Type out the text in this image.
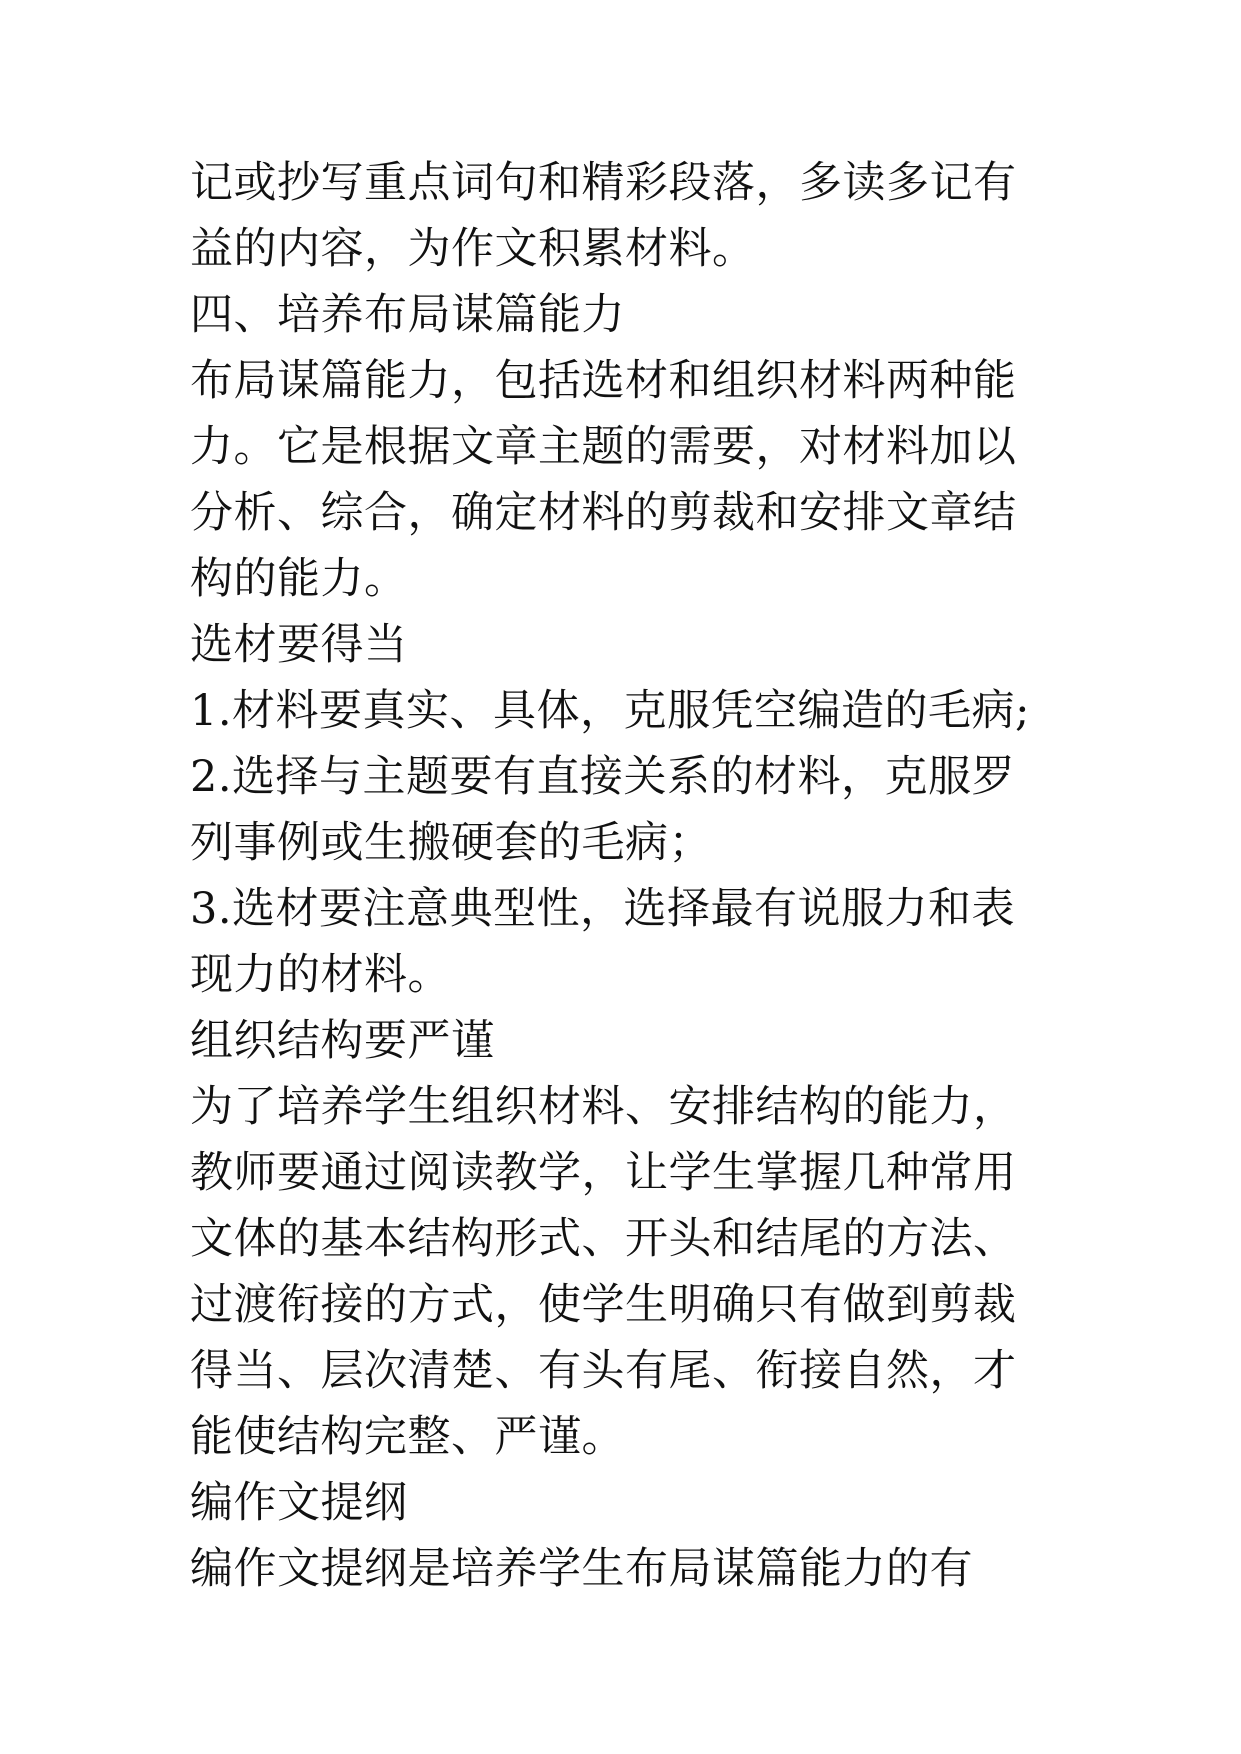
记或抄写重点词句和精彩段落，多读多记有
益的内容，为作文积累材料。
四、培养布局谋篇能力
布局谋篇能力，包括选材和组织材料两种能
力。它是根据文章主题的需要，对材料加以
分析、综合，确定材料的剪裁和安排文章结
构的能力。
选材要得当
1.材料要真实、具体，克服凭空编造的毛病;
2.选择与主题要有直接关系的材料，克服罗
列事例或生搬硬套的毛病；
3.选材要注意典型性，选择最有说服力和表
现力的材料。
组织结构要严谨
为了培养学生组织材料、安排结构的能力，
教师要通过阅读教学，让学生掌握几种常用
文体的基本结构形式、开头和结尾的方法、
过渡衔接的方式，使学生明确只有做到剪裁
得当、层次清楚、有头有尾、衔接自然，才
能使结构完整、严谨。
编作文提纲
编作文提纲是培养学生布局谋篇能力的有
